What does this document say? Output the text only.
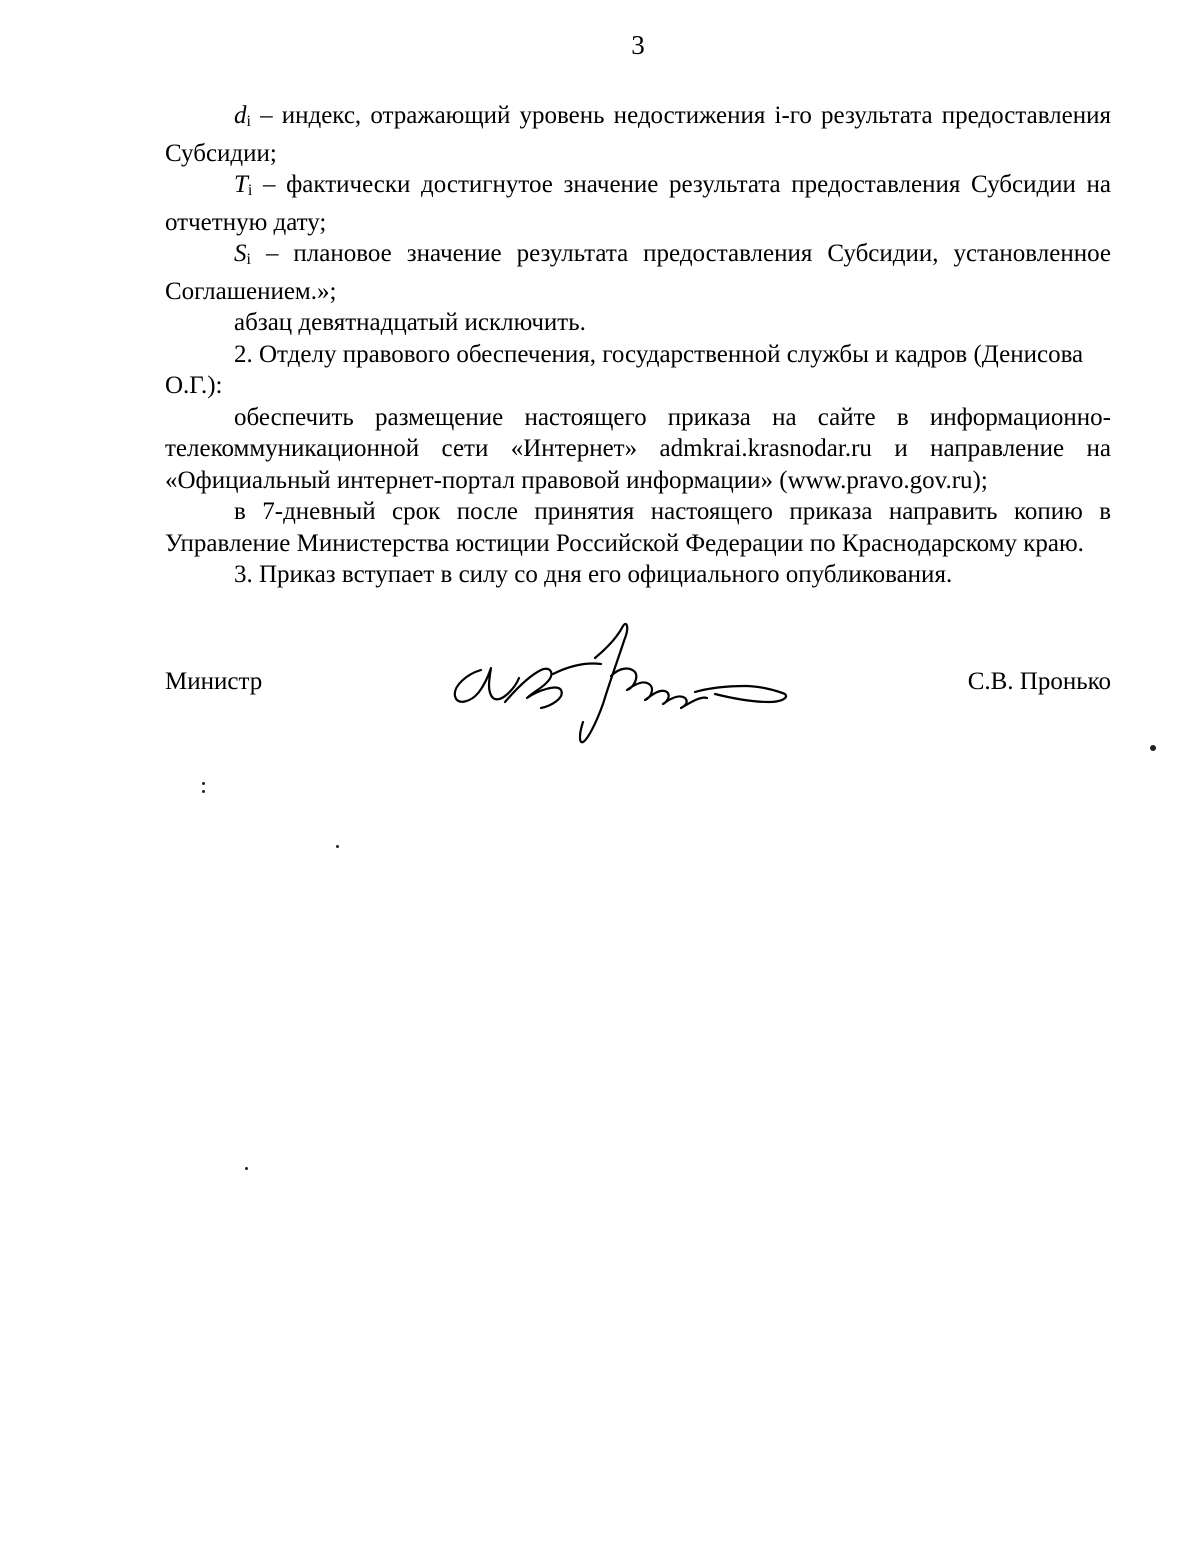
3

di – индекс, отражающий уровень недостижения i-го результата предоставления Субсидии;

Ti – фактически достигнутое значение результата предоставления Субсидии на отчетную дату;

Si – плановое значение результата предоставления Субсидии, установленное Соглашением.»;

абзац девятнадцатый исключить.

2. Отделу правового обеспечения, государственной службы и кадров (Денисова О.Г.):

обеспечить размещение настоящего приказа на сайте в информационно-телекоммуникационной сети «Интернет» admkrai.krasnodar.ru и направление на «Официальный интернет-портал правовой информации» (www.pravo.gov.ru);

в 7-дневный срок после принятия настоящего приказа направить копию в Управление Министерства юстиции Российской Федерации по Краснодарскому краю.

3. Приказ вступает в силу со дня его официального опубликования.

Министр	С.В. Пронько
